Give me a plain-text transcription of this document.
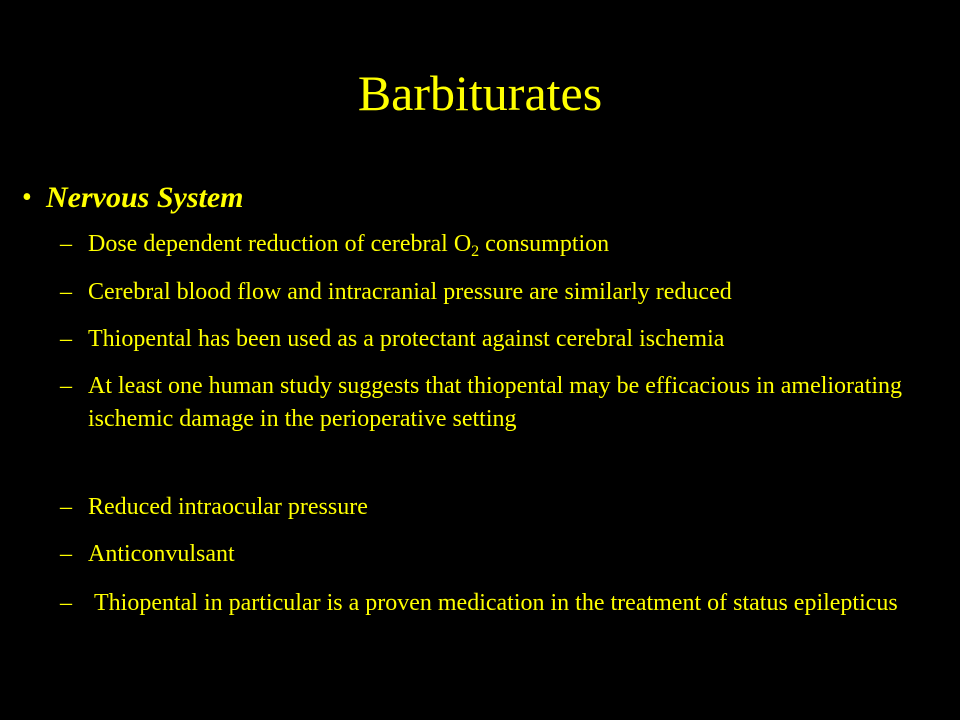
Barbiturates
• Nervous System
– Dose dependent reduction of cerebral $O_2$ consumption
– Cerebral blood flow and intracranial pressure are similarly reduced
– Thiopental has been used as a protectant against cerebral ischemia
– At least one human study suggests that thiopental may be efficacious in ameliorating ischemic damage in the perioperative setting
– Reduced intraocular pressure
– Anticonvulsant
– Thiopental in particular is a proven medication in the treatment of status epilepticus
